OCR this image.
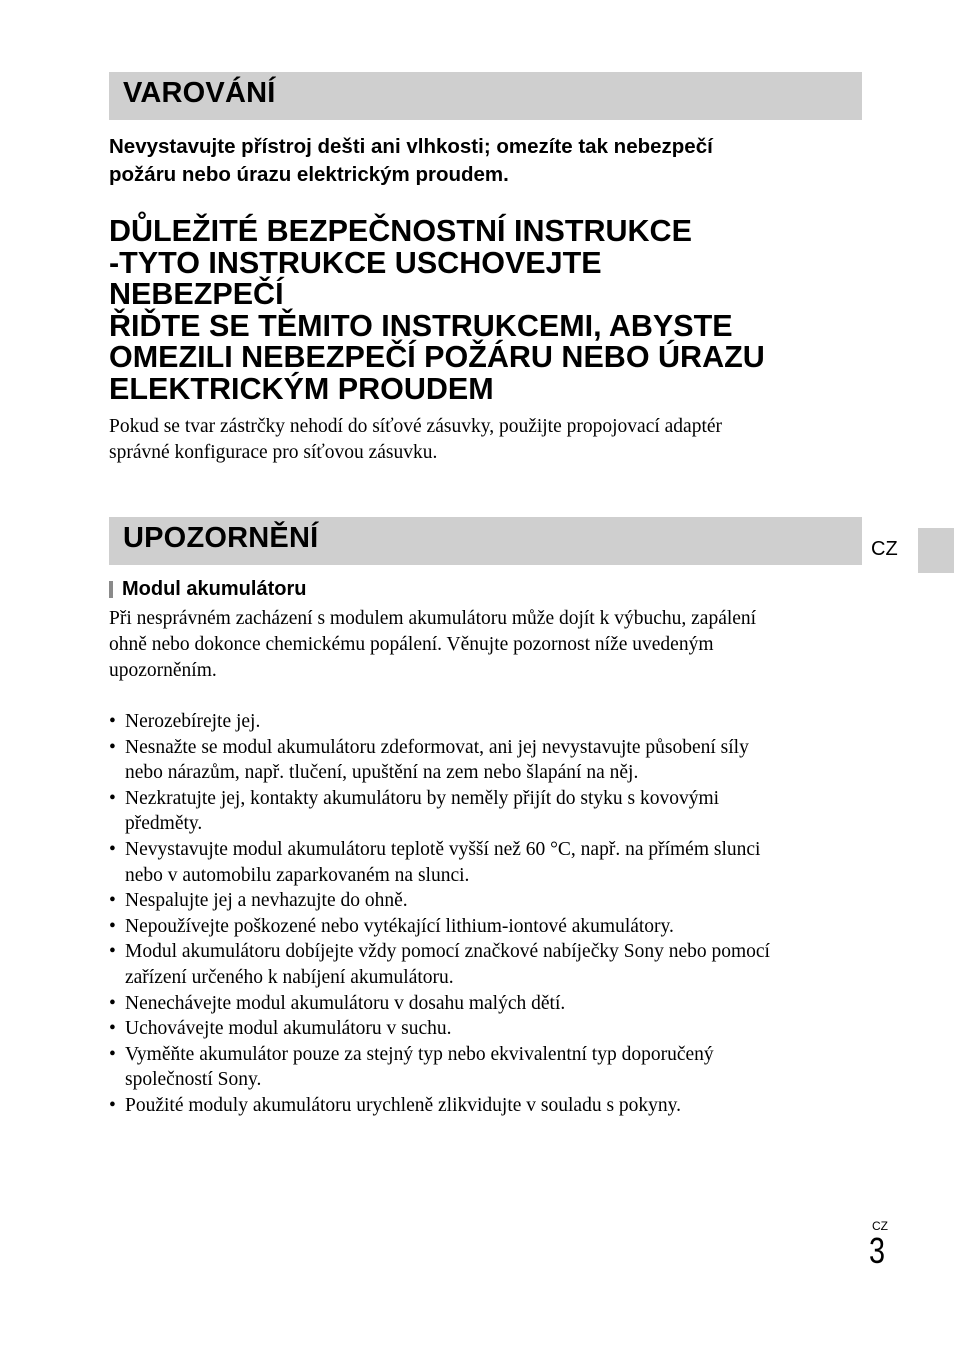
VAROVÁNÍ
Nevystavujte přístroj dešti ani vlhkosti; omezíte tak nebezpečí
požáru nebo úrazu elektrickým proudem.
DŮLEŽITÉ BEZPEČNOSTNÍ INSTRUKCE
-TYTO INSTRUKCE USCHOVEJTE
NEBEZPEČÍ
ŘIĎTE SE TĚMITO INSTRUKCEMI, ABYSTE
OMEZILI NEBEZPEČÍ POŽÁRU NEBO ÚRAZU
ELEKTRICKÝM PROUDEM
Pokud se tvar zástrčky nehodí do síťové zásuvky, použijte propojovací adaptér
správné konfigurace pro síťovou zásuvku.
UPOZORNĚNÍ	CZ
Modul akumulátoru
Při nesprávném zacházení s modulem akumulátoru může dojít k výbuchu, zapálení
ohně nebo dokonce chemickému popálení. Věnujte pozornost níže uvedeným
upozorněním.
• Nerozebírejte jej.
• Nesnažte se modul akumulátoru zdeformovat, ani jej nevystavujte působení síly
nebo nárazům, např. tlučení, upuštění na zem nebo šlapání na něj.
• Nezkratujte jej, kontakty akumulátoru by neměly přijít do styku s kovovými
předměty.
• Nevystavujte modul akumulátoru teplotě vyšší než 60 °C, např. na přímém slunci
nebo v automobilu zaparkovaném na slunci.
• Nespalujte jej a nevhazujte do ohně.
• Nepoužívejte poškozené nebo vytékající lithium-iontové akumulátory.
• Modul akumulátoru dobíjejte vždy pomocí značkové nabíječky Sony nebo pomocí
zařízení určeného k nabíjení akumulátoru.
• Nenechávejte modul akumulátoru v dosahu malých dětí.
• Uchovávejte modul akumulátoru v suchu.
• Vyměňte akumulátor pouze za stejný typ nebo ekvivalentní typ doporučený
společností Sony.
• Použité moduly akumulátoru urychleně zlikvidujte v souladu s pokyny.
CZ
3
